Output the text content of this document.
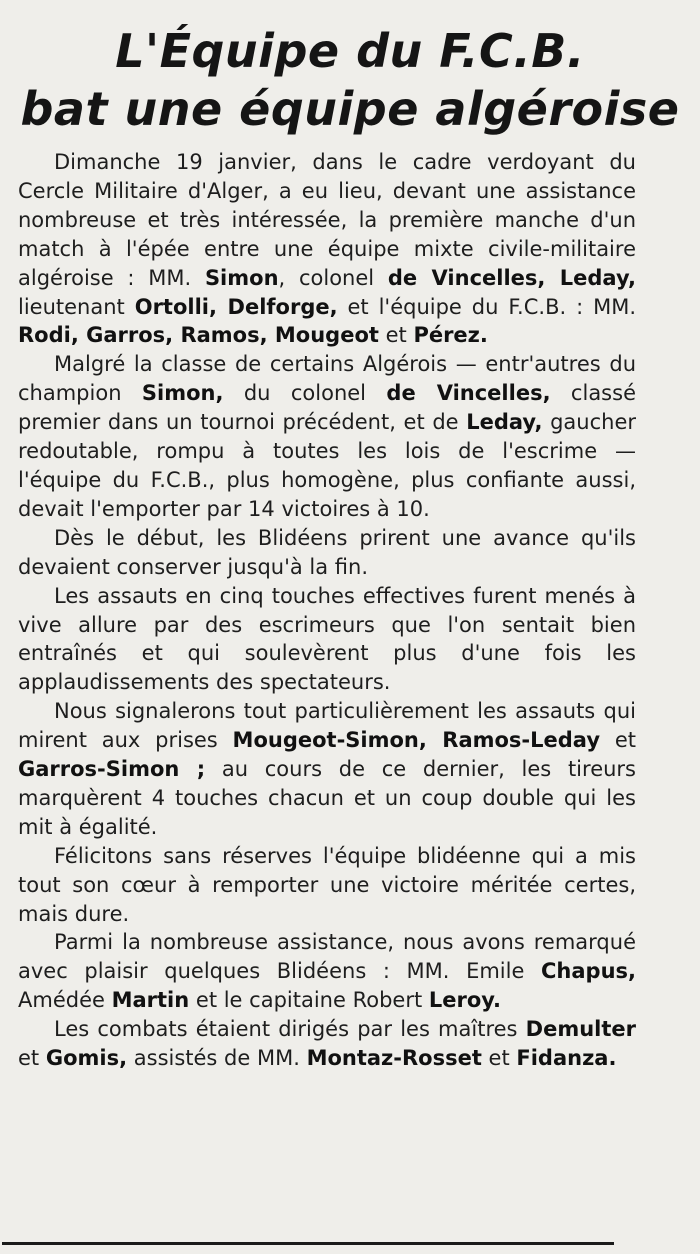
L'Équipe du F.C.B.
bat une équipe algéroise

Dimanche 19 janvier, dans le cadre verdoyant du Cercle Militaire d'Alger, a eu lieu, devant une assistance nombreuse et très intéressée, la première manche d'un match à l'épée entre une équipe mixte civile-militaire algéroise : MM. Simon, colonel de Vincelles, Leday, lieutenant Ortolli, Delforge, et l'équipe du F.C.B. : MM. Rodi, Garros, Ramos, Mougeot et Pérez.

Malgré la classe de certains Algérois — entr'autres du champion Simon, du colonel de Vincelles, classé premier dans un tournoi précédent, et de Leday, gaucher redoutable, rompu à toutes les lois de l'escrime — l'équipe du F.C.B., plus homogène, plus confiante aussi, devait l'emporter par 14 victoires à 10.

Dès le début, les Blidéens prirent une avance qu'ils devaient conserver jusqu'à la fin.

Les assauts en cinq touches effectives furent menés à vive allure par des escrimeurs que l'on sentait bien entraînés et qui soulevèrent plus d'une fois les applaudissements des spectateurs.

Nous signalerons tout particulièrement les assauts qui mirent aux prises Mougeot-Simon, Ramos-Leday et Garros-Simon ; au cours de ce dernier, les tireurs marquèrent 4 touches chacun et un coup double qui les mit à égalité.

Félicitons sans réserves l'équipe blidéenne qui a mis tout son cœur à remporter une victoire méritée certes, mais dure.

Parmi la nombreuse assistance, nous avons remarqué avec plaisir quelques Blidéens : MM. Emile Chapus, Amédée Martin et le capitaine Robert Leroy.

Les combats étaient dirigés par les maîtres Demulter et Gomis, assistés de MM. Montaz-Rosset et Fidanza.
